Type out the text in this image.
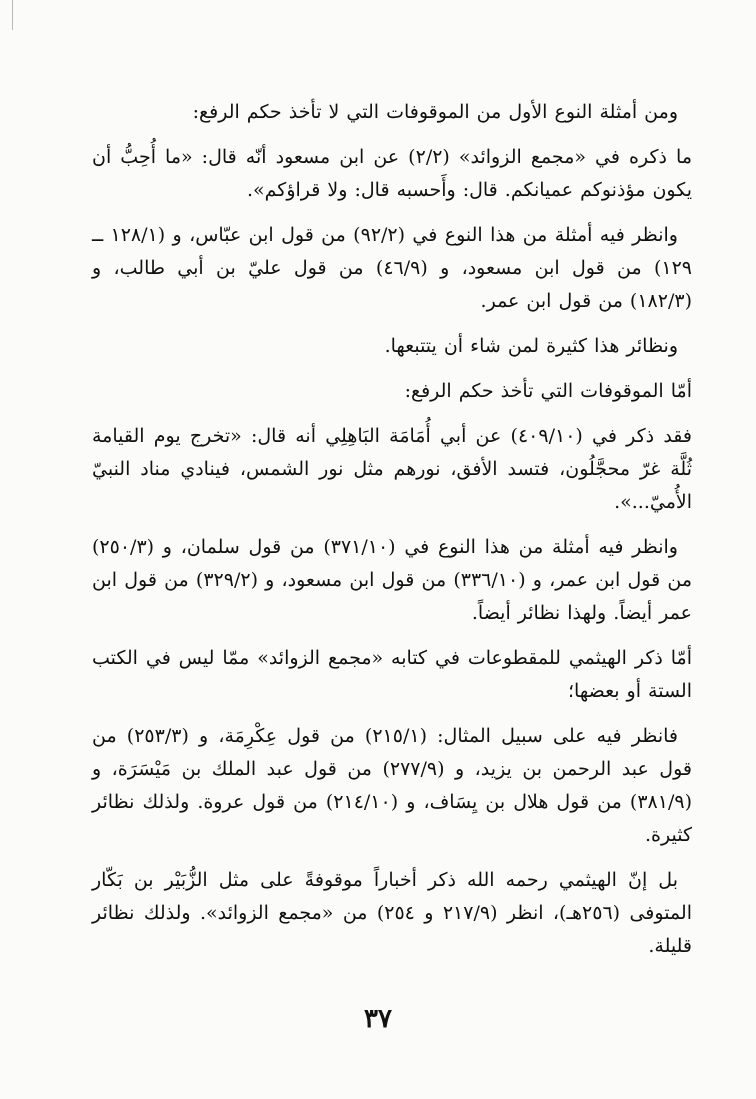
ومن أمثلة النوع الأول من الموقوفات التي لا تأخذ حكم الرفع:

ما ذكره في «مجمع الزوائد» (٢/٢) عن ابن مسعود أنّه قال: «ما أُحِبُّ أن يكون مؤذنوكم عميانكم. قال: وأَحسبه قال: ولا قراؤكم».

وانظر فيه أمثلة من هذا النوع في (٩٢/٢) من قول ابن عبّاس، و (١٢٨/١ ــ ١٢٩) من قول ابن مسعود، و (٤٦/٩) من قول عليّ بن أبي طالب، و (١٨٢/٣) من قول ابن عمر.

ونظائر هذا كثيرة لمن شاء أن يتتبعها.

أمّا الموقوفات التي تأخذ حكم الرفع:

فقد ذكر في (٤٠٩/١٠) عن أبي أُمَامَة البَاهِلِي أنه قال: «تخرج يوم القيامة ثُلَّة غرّ محجَّلُون، فتسد الأفق، نورهم مثل نور الشمس، فينادي مناد النبيّ الأُميّ...».

وانظر فيه أمثلة من هذا النوع في (٣٧١/١٠) من قول سلمان، و (٢٥٠/٣) من قول ابن عمر، و (٣٣٦/١٠) من قول ابن مسعود، و (٣٢٩/٢) من قول ابن عمر أيضاً. ولهذا نظائر أيضاً.

أمّا ذكر الهيثمي للمقطوعات في كتابه «مجمع الزوائد» ممّا ليس في الكتب الستة أو بعضها؛

فانظر فيه على سبيل المثال: (٢١٥/١) من قول عِكْرِمَة، و (٢٥٣/٣) من قول عبد الرحمن بن يزيد، و (٢٧٧/٩) من قول عبد الملك بن مَيْسَرَة، و (٣٨١/٩) من قول هلال بن يِسَاف، و (٢١٤/١٠) من قول عروة. ولذلك نظائر كثيرة.

بل إنّ الهيثمي رحمه الله ذكر أخباراً موقوفةً على مثل الزُّبَيْر بن بَكّار المتوفى (٢٥٦هـ)، انظر (٢١٧/٩ و ٢٥٤) من «مجمع الزوائد». ولذلك نظائر قليلة.

٣٧
